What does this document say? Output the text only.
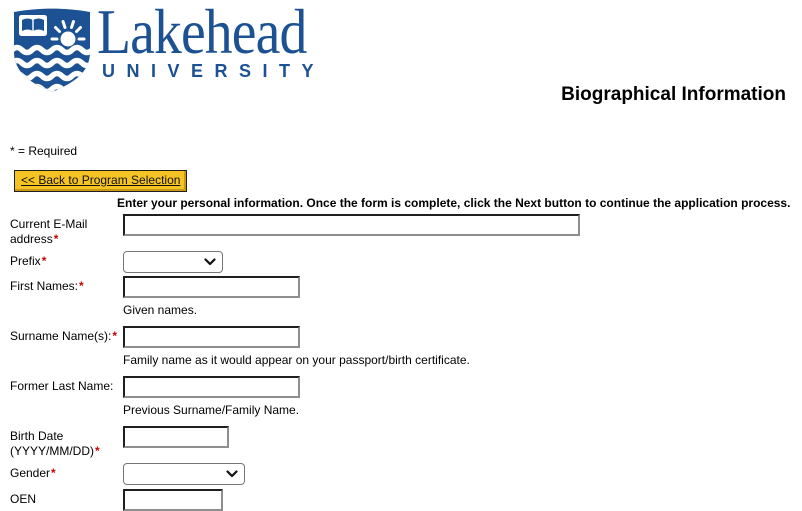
Lakehead
UNIVERSITY
Biographical Information
* = Required
<< Back to Program Selection
Enter your personal information. Once the form is complete, click the Next button to continue the application process.
Current E-Mail
address*
Prefix*
First Names:*
Given names.
Surname Name(s):*
Family name as it would appear on your passport/birth certificate.
Former Last Name:
Previous Surname/Family Name.
Birth Date
(YYYY/MM/DD)*
Gender*
OEN
